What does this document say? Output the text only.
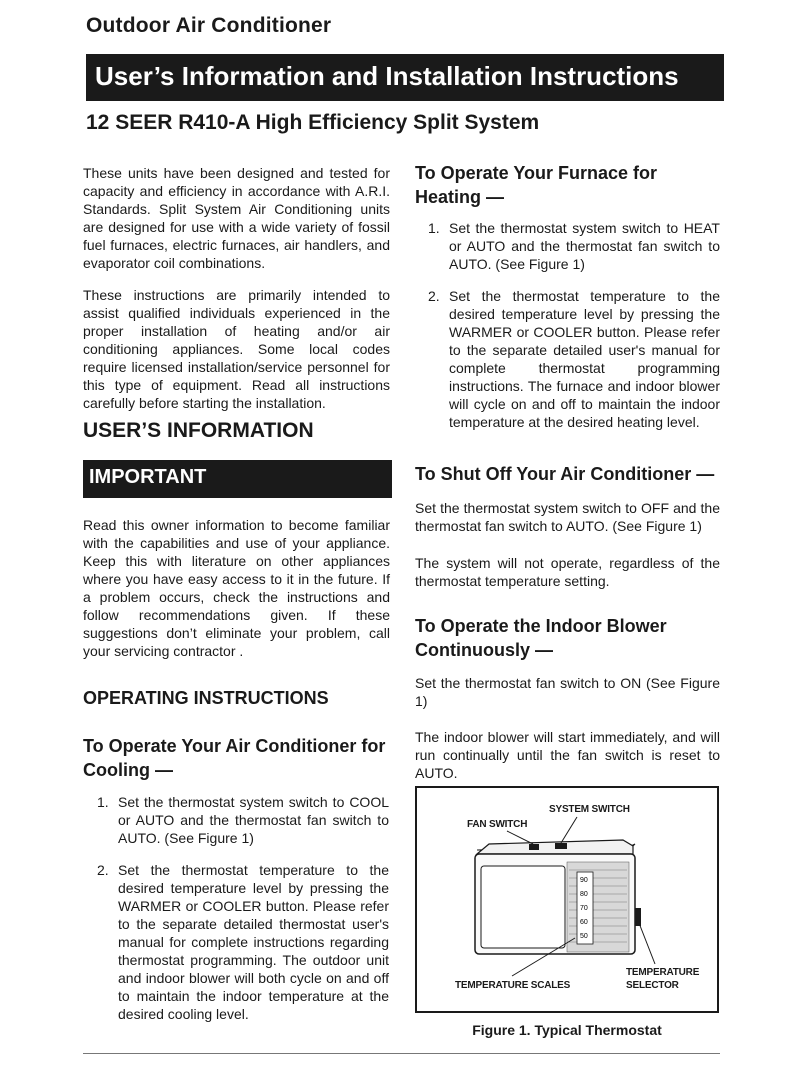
Outdoor Air Conditioner
User’s Information and Installation Instructions
12 SEER R410-A High Efficiency Split System
These units have been designed and tested for capacity and efficiency in accordance with A.R.I. Standards. Split System Air Conditioning units are designed for use with a wide variety of fossil fuel furnaces, electric furnaces, air handlers, and evaporator coil combinations.
These instructions are primarily intended to assist qualified individuals experienced in the proper installation of heating and/or air conditioning appliances. Some local codes require licensed installation/service personnel for this type of equipment. Read all instructions carefully before starting the installation.
USER’S INFORMATION
IMPORTANT
Read this owner information to become familiar with the capabilities and use of your appliance. Keep this with literature on other appliances where you have easy access to it in the future. If a problem occurs, check the instructions and follow recommendations given. If these suggestions don’t eliminate your problem, call your servicing contractor .
OPERATING INSTRUCTIONS
To Operate Your Air Conditioner for Cooling —
1. Set the thermostat system switch to COOL or AUTO and the thermostat fan switch to AUTO. (See Figure 1)
2. Set the thermostat temperature to the desired temperature level by pressing the WARMER or COOLER button. Please refer to the separate detailed thermostat user's manual for complete instructions regarding thermostat programming. The outdoor unit and indoor blower will both cycle on and off to maintain the indoor temperature at the desired cooling level.
To Operate Your Furnace for Heating —
1. Set the thermostat system switch to HEAT or AUTO and the thermostat fan switch to AUTO. (See Figure 1)
2. Set the thermostat temperature to the desired temperature level by pressing the WARMER or COOLER button. Please refer to the separate detailed user's manual for complete thermostat programming instructions. The furnace and indoor blower will cycle on and off to maintain the indoor temperature at the desired heating level.
To Shut Off Your Air Conditioner —
Set the thermostat system switch to OFF and the thermostat fan switch to AUTO. (See Figure 1)
The system will not operate, regardless of the thermostat temperature setting.
To Operate the Indoor Blower Continuously —
Set the thermostat fan switch to ON (See Figure 1)
The indoor blower will start immediately, and will run continually until the fan switch is reset to AUTO.
SYSTEM SWITCH
FAN SWITCH
TEMPERATURE SCALES
TEMPERATURE
SELECTOR
90
80
70
60
50
Figure 1. Typical Thermostat
